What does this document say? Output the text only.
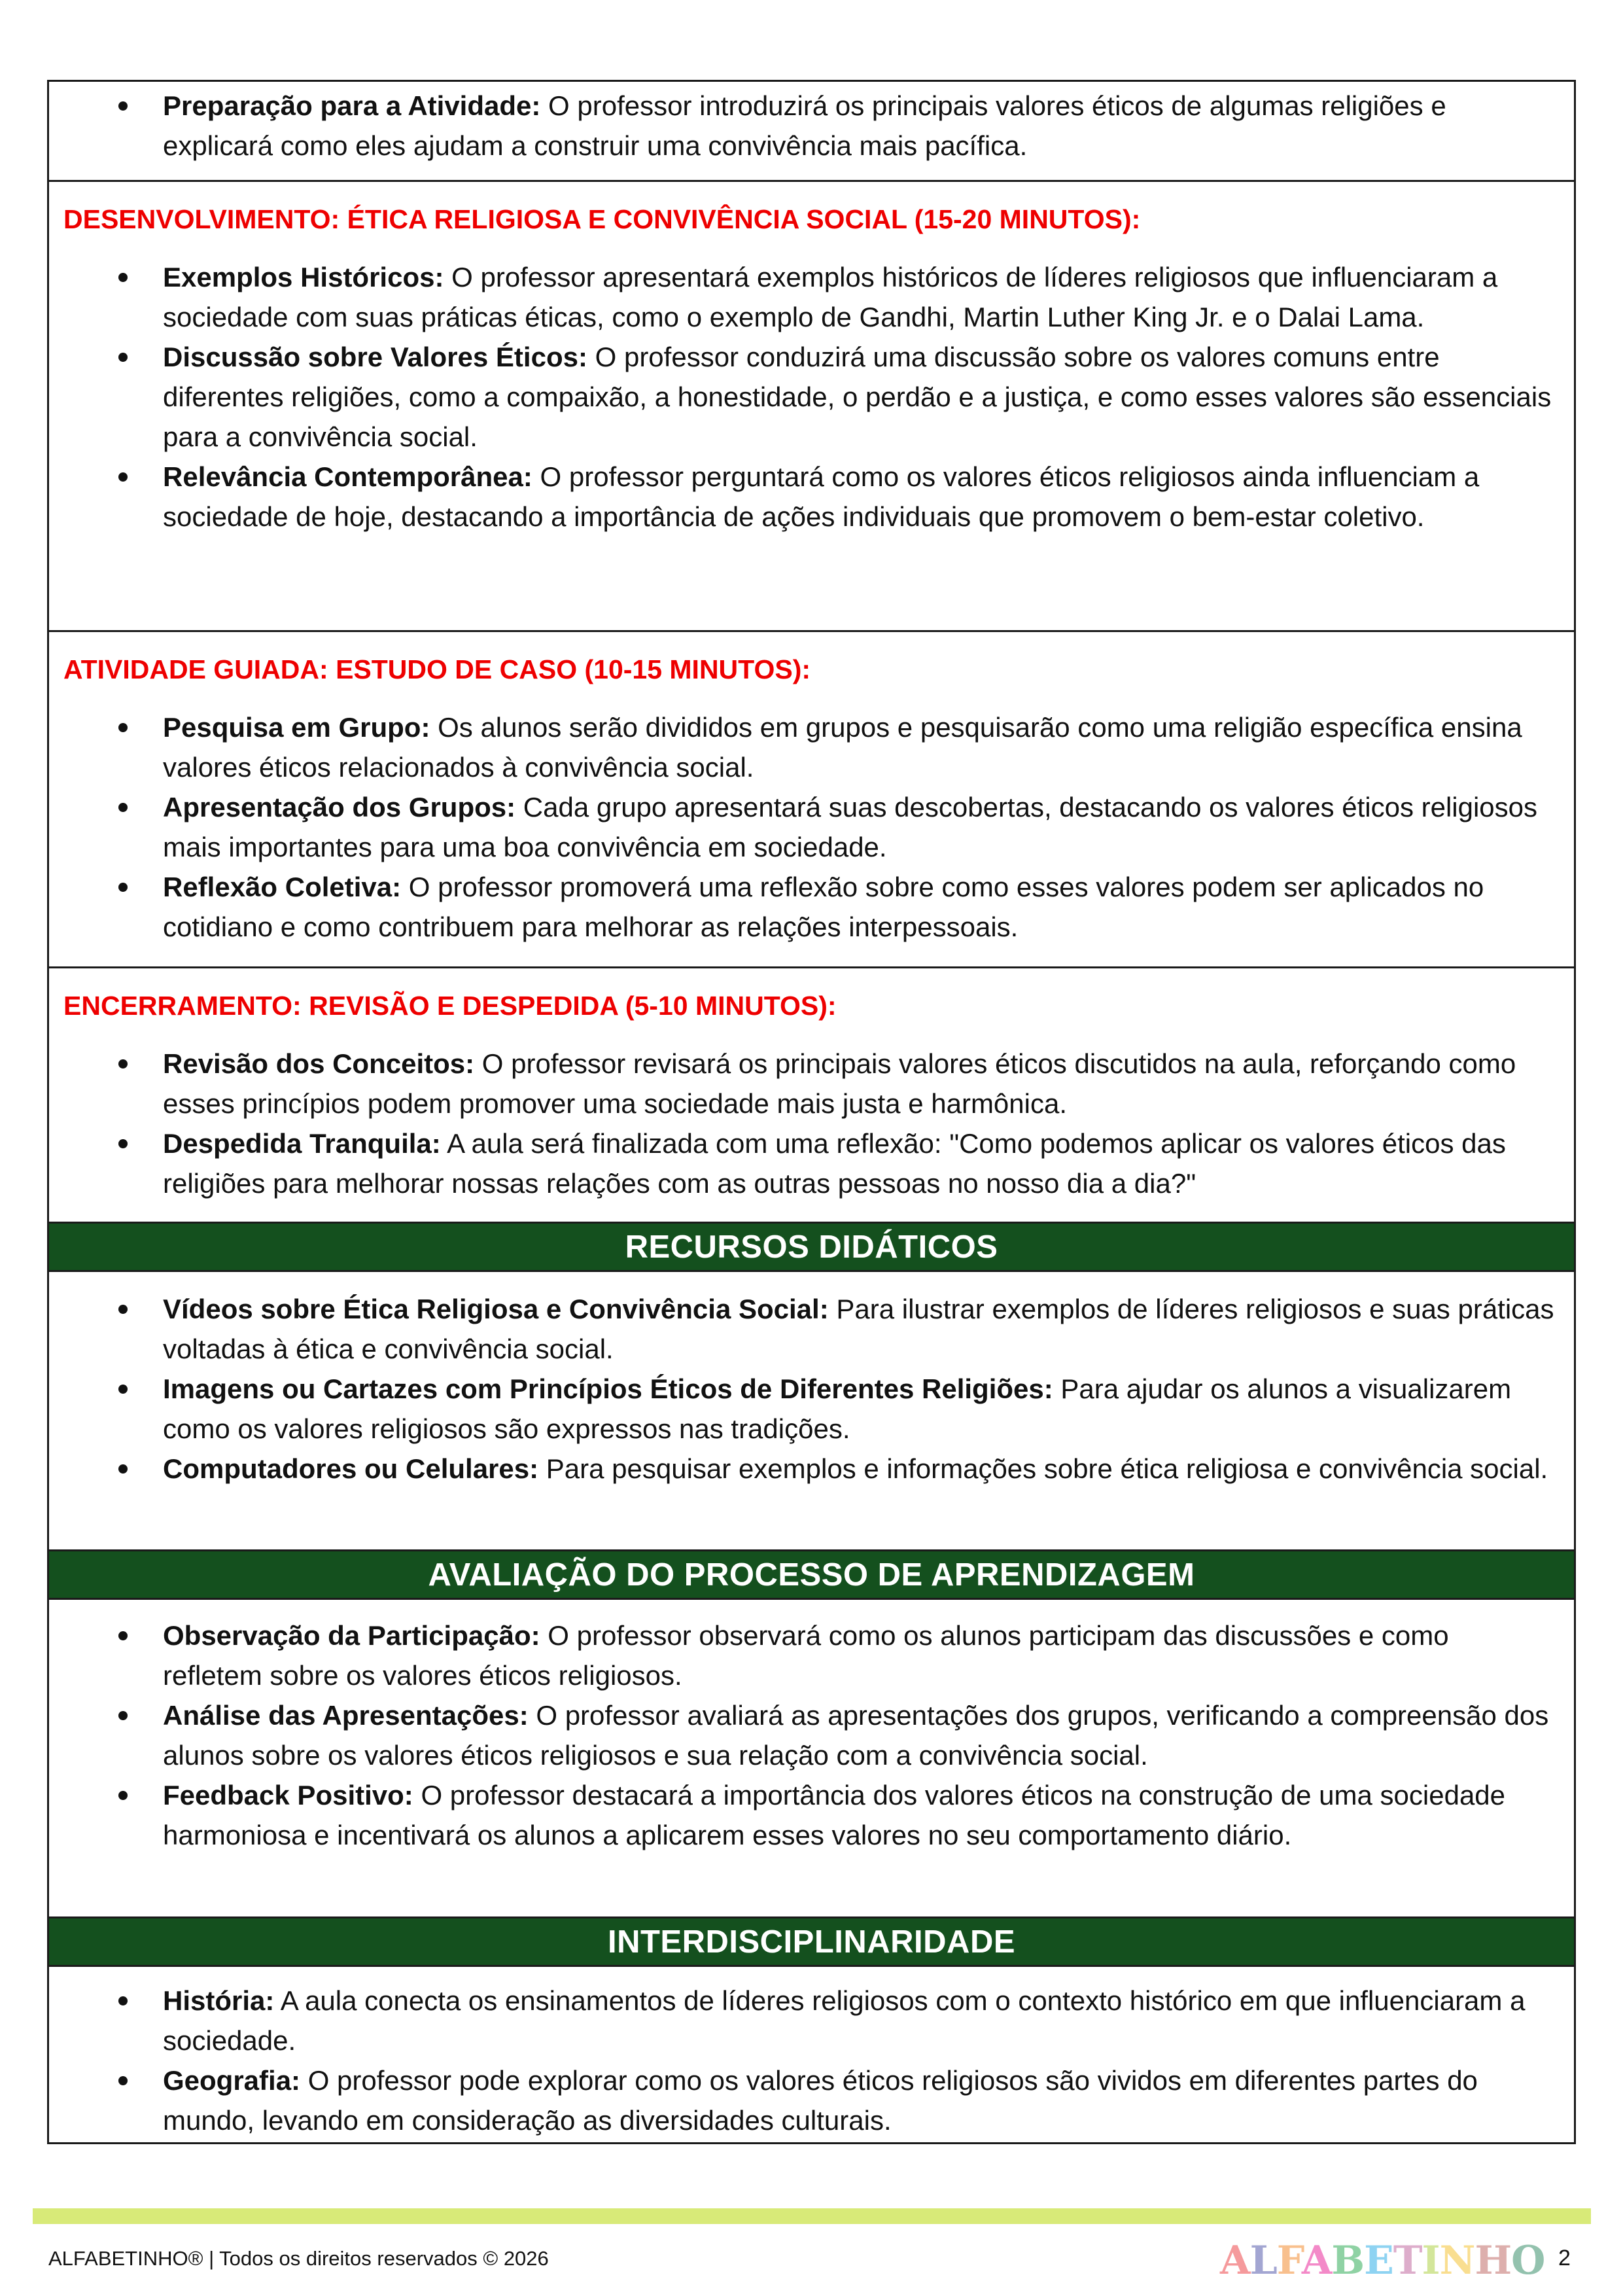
Preparação para a Atividade: O professor introduzirá os principais valores éticos de algumas religiões e explicará como eles ajudam a construir uma convivência mais pacífica.
DESENVOLVIMENTO: ÉTICA RELIGIOSA E CONVIVÊNCIA SOCIAL (15-20 MINUTOS):
Exemplos Históricos: O professor apresentará exemplos históricos de líderes religiosos que influenciaram a sociedade com suas práticas éticas, como o exemplo de Gandhi, Martin Luther King Jr. e o Dalai Lama.
Discussão sobre Valores Éticos: O professor conduzirá uma discussão sobre os valores comuns entre diferentes religiões, como a compaixão, a honestidade, o perdão e a justiça, e como esses valores são essenciais para a convivência social.
Relevância Contemporânea: O professor perguntará como os valores éticos religiosos ainda influenciam a sociedade de hoje, destacando a importância de ações individuais que promovem o bem-estar coletivo.
ATIVIDADE GUIADA: ESTUDO DE CASO (10-15 MINUTOS):
Pesquisa em Grupo: Os alunos serão divididos em grupos e pesquisarão como uma religião específica ensina valores éticos relacionados à convivência social.
Apresentação dos Grupos: Cada grupo apresentará suas descobertas, destacando os valores éticos religiosos mais importantes para uma boa convivência em sociedade.
Reflexão Coletiva: O professor promoverá uma reflexão sobre como esses valores podem ser aplicados no cotidiano e como contribuem para melhorar as relações interpessoais.
ENCERRAMENTO: REVISÃO E DESPEDIDA (5-10 MINUTOS):
Revisão dos Conceitos: O professor revisará os principais valores éticos discutidos na aula, reforçando como esses princípios podem promover uma sociedade mais justa e harmônica.
Despedida Tranquila: A aula será finalizada com uma reflexão: "Como podemos aplicar os valores éticos das religiões para melhorar nossas relações com as outras pessoas no nosso dia a dia?"
RECURSOS DIDÁTICOS
Vídeos sobre Ética Religiosa e Convivência Social: Para ilustrar exemplos de líderes religiosos e suas práticas voltadas à ética e convivência social.
Imagens ou Cartazes com Princípios Éticos de Diferentes Religiões: Para ajudar os alunos a visualizarem como os valores religiosos são expressos nas tradições.
Computadores ou Celulares: Para pesquisar exemplos e informações sobre ética religiosa e convivência social.
AVALIAÇÃO DO PROCESSO DE APRENDIZAGEM
Observação da Participação: O professor observará como os alunos participam das discussões e como refletem sobre os valores éticos religiosos.
Análise das Apresentações: O professor avaliará as apresentações dos grupos, verificando a compreensão dos alunos sobre os valores éticos religiosos e sua relação com a convivência social.
Feedback Positivo: O professor destacará a importância dos valores éticos na construção de uma sociedade harmoniosa e incentivará os alunos a aplicarem esses valores no seu comportamento diário.
INTERDISCIPLINARIDADE
História: A aula conecta os ensinamentos de líderes religiosos com o contexto histórico em que influenciaram a sociedade.
Geografia: O professor pode explorar como os valores éticos religiosos são vividos em diferentes partes do mundo, levando em consideração as diversidades culturais.
ALFABETINHO® | Todos os direitos reservados © 2026	ALFABETINHO 2
